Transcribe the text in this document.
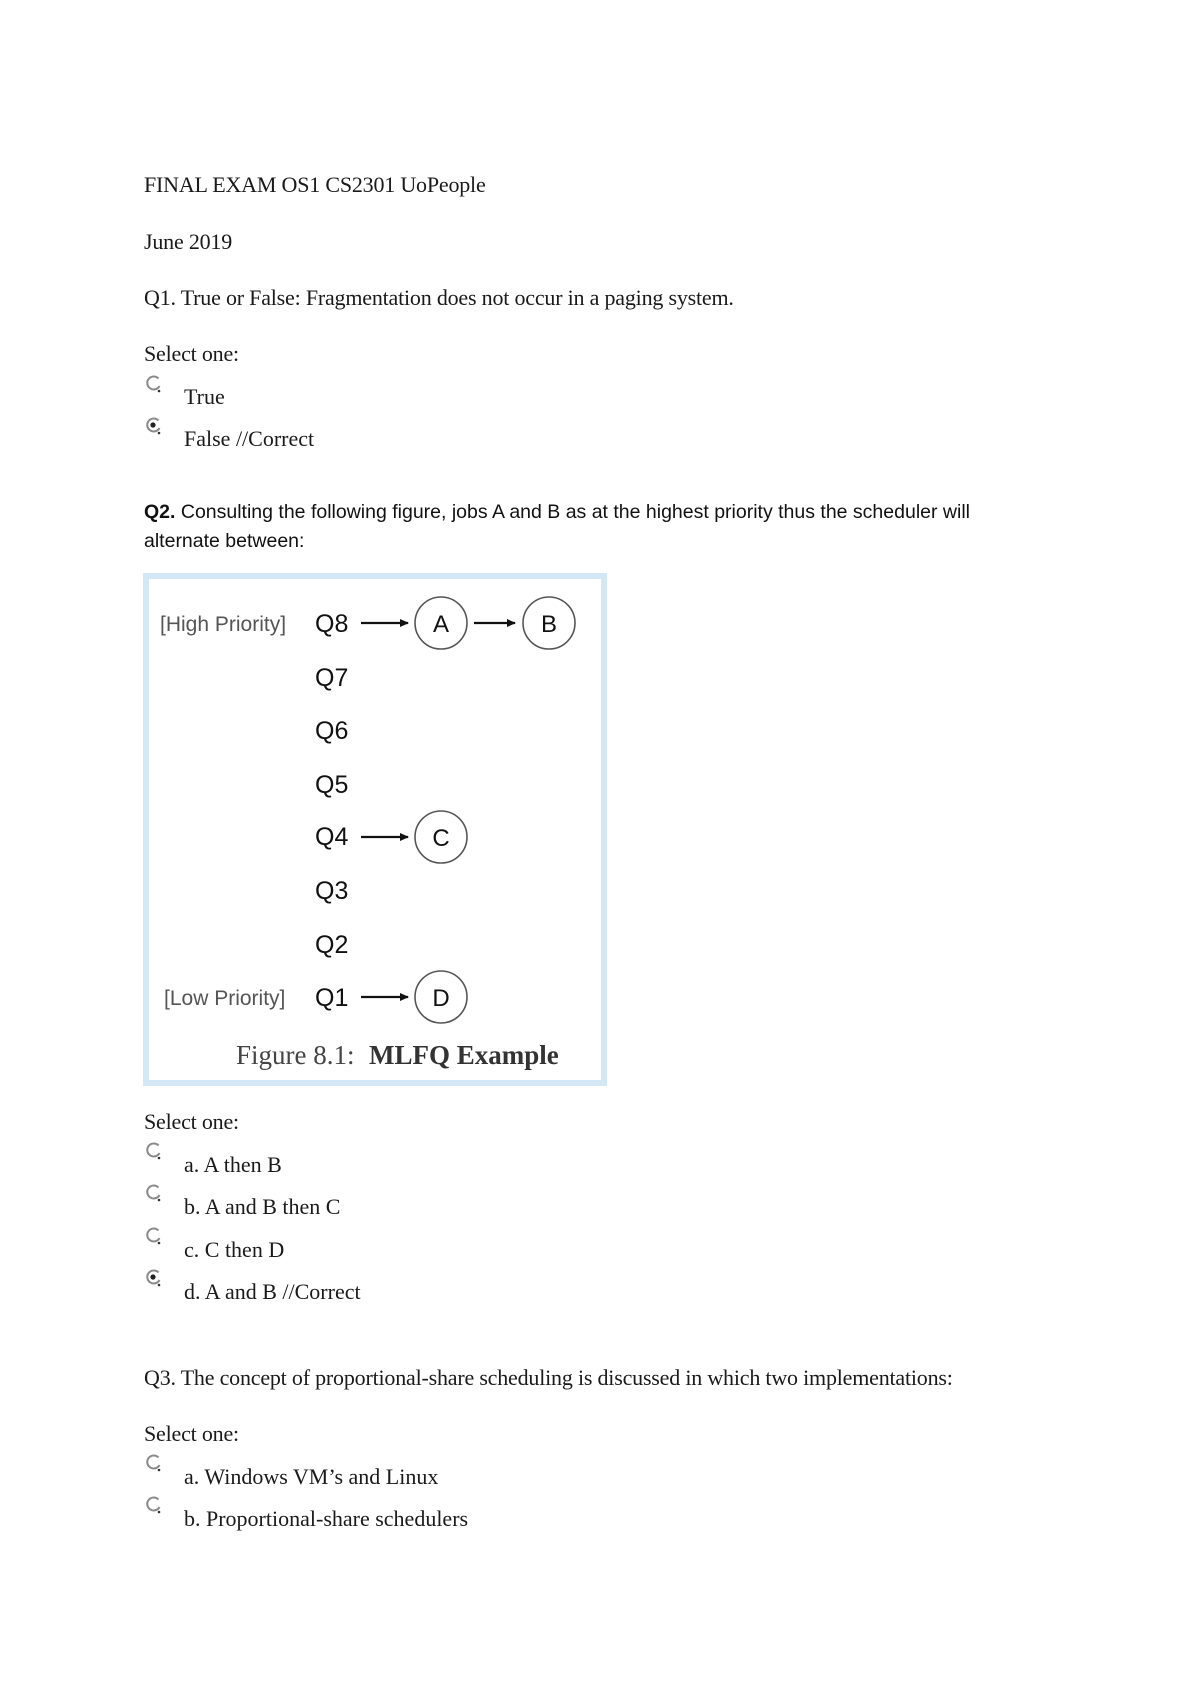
FINAL EXAM OS1 CS2301 UoPeople
June 2019
Q1. True or False: Fragmentation does not occur in a paging system.
Select one:
True
False //Correct
Q2. Consulting the following figure, jobs A and B as at the highest priority thus the scheduler will alternate between:
[High Priority]
[Low Priority]
Q8
Q7
Q6
Q5
Q4
Q3
Q2
Q1
A	B
C
D
Figure 8.1: MLFQ Example
Select one:
a. A then B
b. A and B then C
c. C then D
d. A and B //Correct
Q3. The concept of proportional-share scheduling is discussed in which two implementations:
Select one:
a. Windows VM’s and Linux
b. Proportional-share schedulers
